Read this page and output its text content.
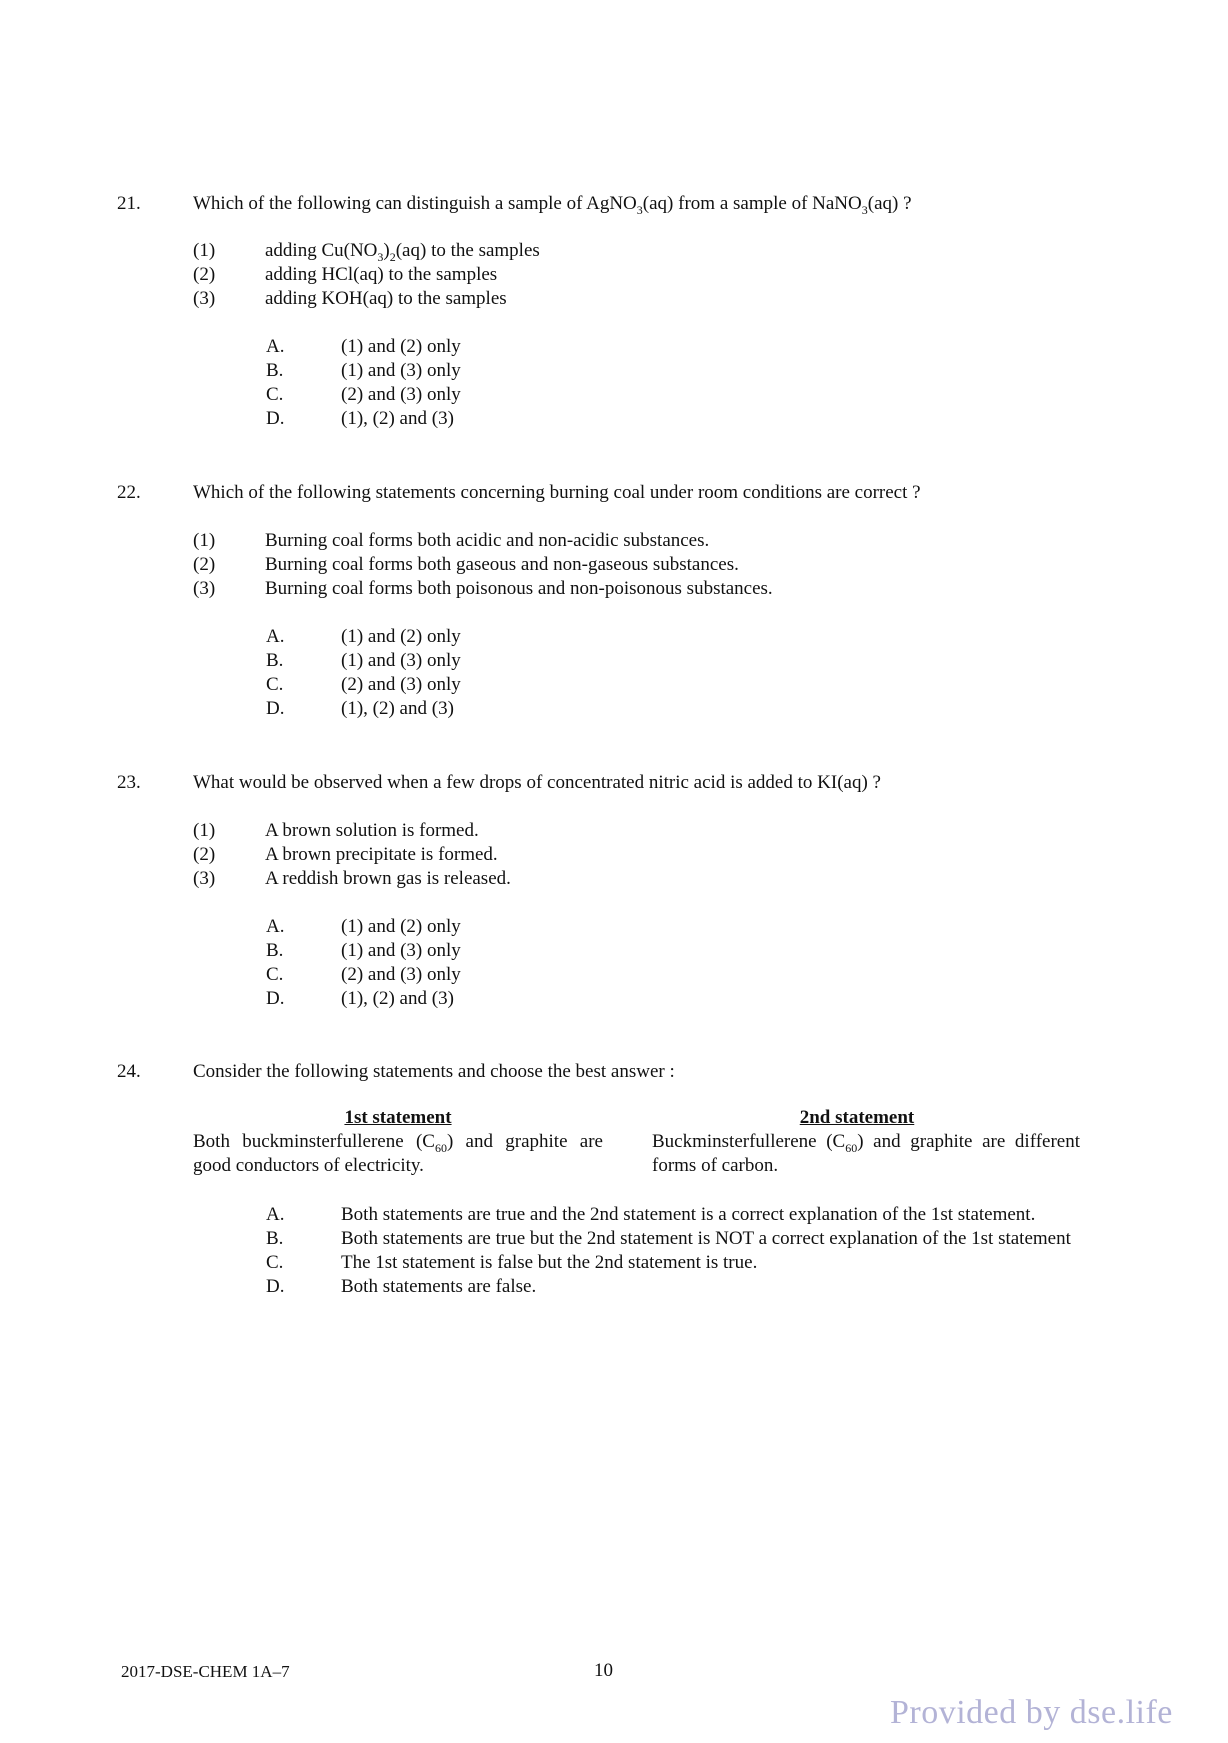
21.	Which of the following can distinguish a sample of AgNO$_3$(aq) from a sample of NaNO$_3$(aq) ?
(1)	adding $Cu(NO_3)_2(aq)$ to the samples
(2)	adding HCl(aq) to the samples
(3)	adding KOH(aq) to the samples
A.	(1) and (2) only
B.	(1) and (3) only
C.	(2) and (3) only
D.	(1), (2) and (3)
22.	Which of the following statements concerning burning coal under room conditions are correct ?
(1)	Burning coal forms both acidic and non-acidic substances.
(2)	Burning coal forms both gaseous and non-gaseous substances.
(3)	Burning coal forms both poisonous and non-poisonous substances.
A.	(1) and (2) only
B.	(1) and (3) only
C.	(2) and (3) only
D.	(1), (2) and (3)
23.	What would be observed when a few drops of concentrated nitric acid is added to KI(aq) ?
(1)	A brown solution is formed.
(2)	A brown precipitate is formed.
(3)	A reddish brown gas is released.
A.	(1) and (2) only
B.	(1) and (3) only
C.	(2) and (3) only
D.	(1), (2) and (3)
24.	Consider the following statements and choose the best answer :
1st statement
Both buckminsterfullerene $(C_{60})$ and graphite are good conductors of electricity.
2nd statement
Buckminsterfullerene $(C_{60})$ and graphite are different forms of carbon.
A.	Both statements are true and the 2nd statement is a correct explanation of the 1st statement.
B.	Both statements are true but the 2nd statement is NOT a correct explanation of the 1st statement
C.	The 1st statement is false but the 2nd statement is true.
D.	Both statements are false.
2017-DSE-CHEM 1A–7	10
Provided by dse.life
